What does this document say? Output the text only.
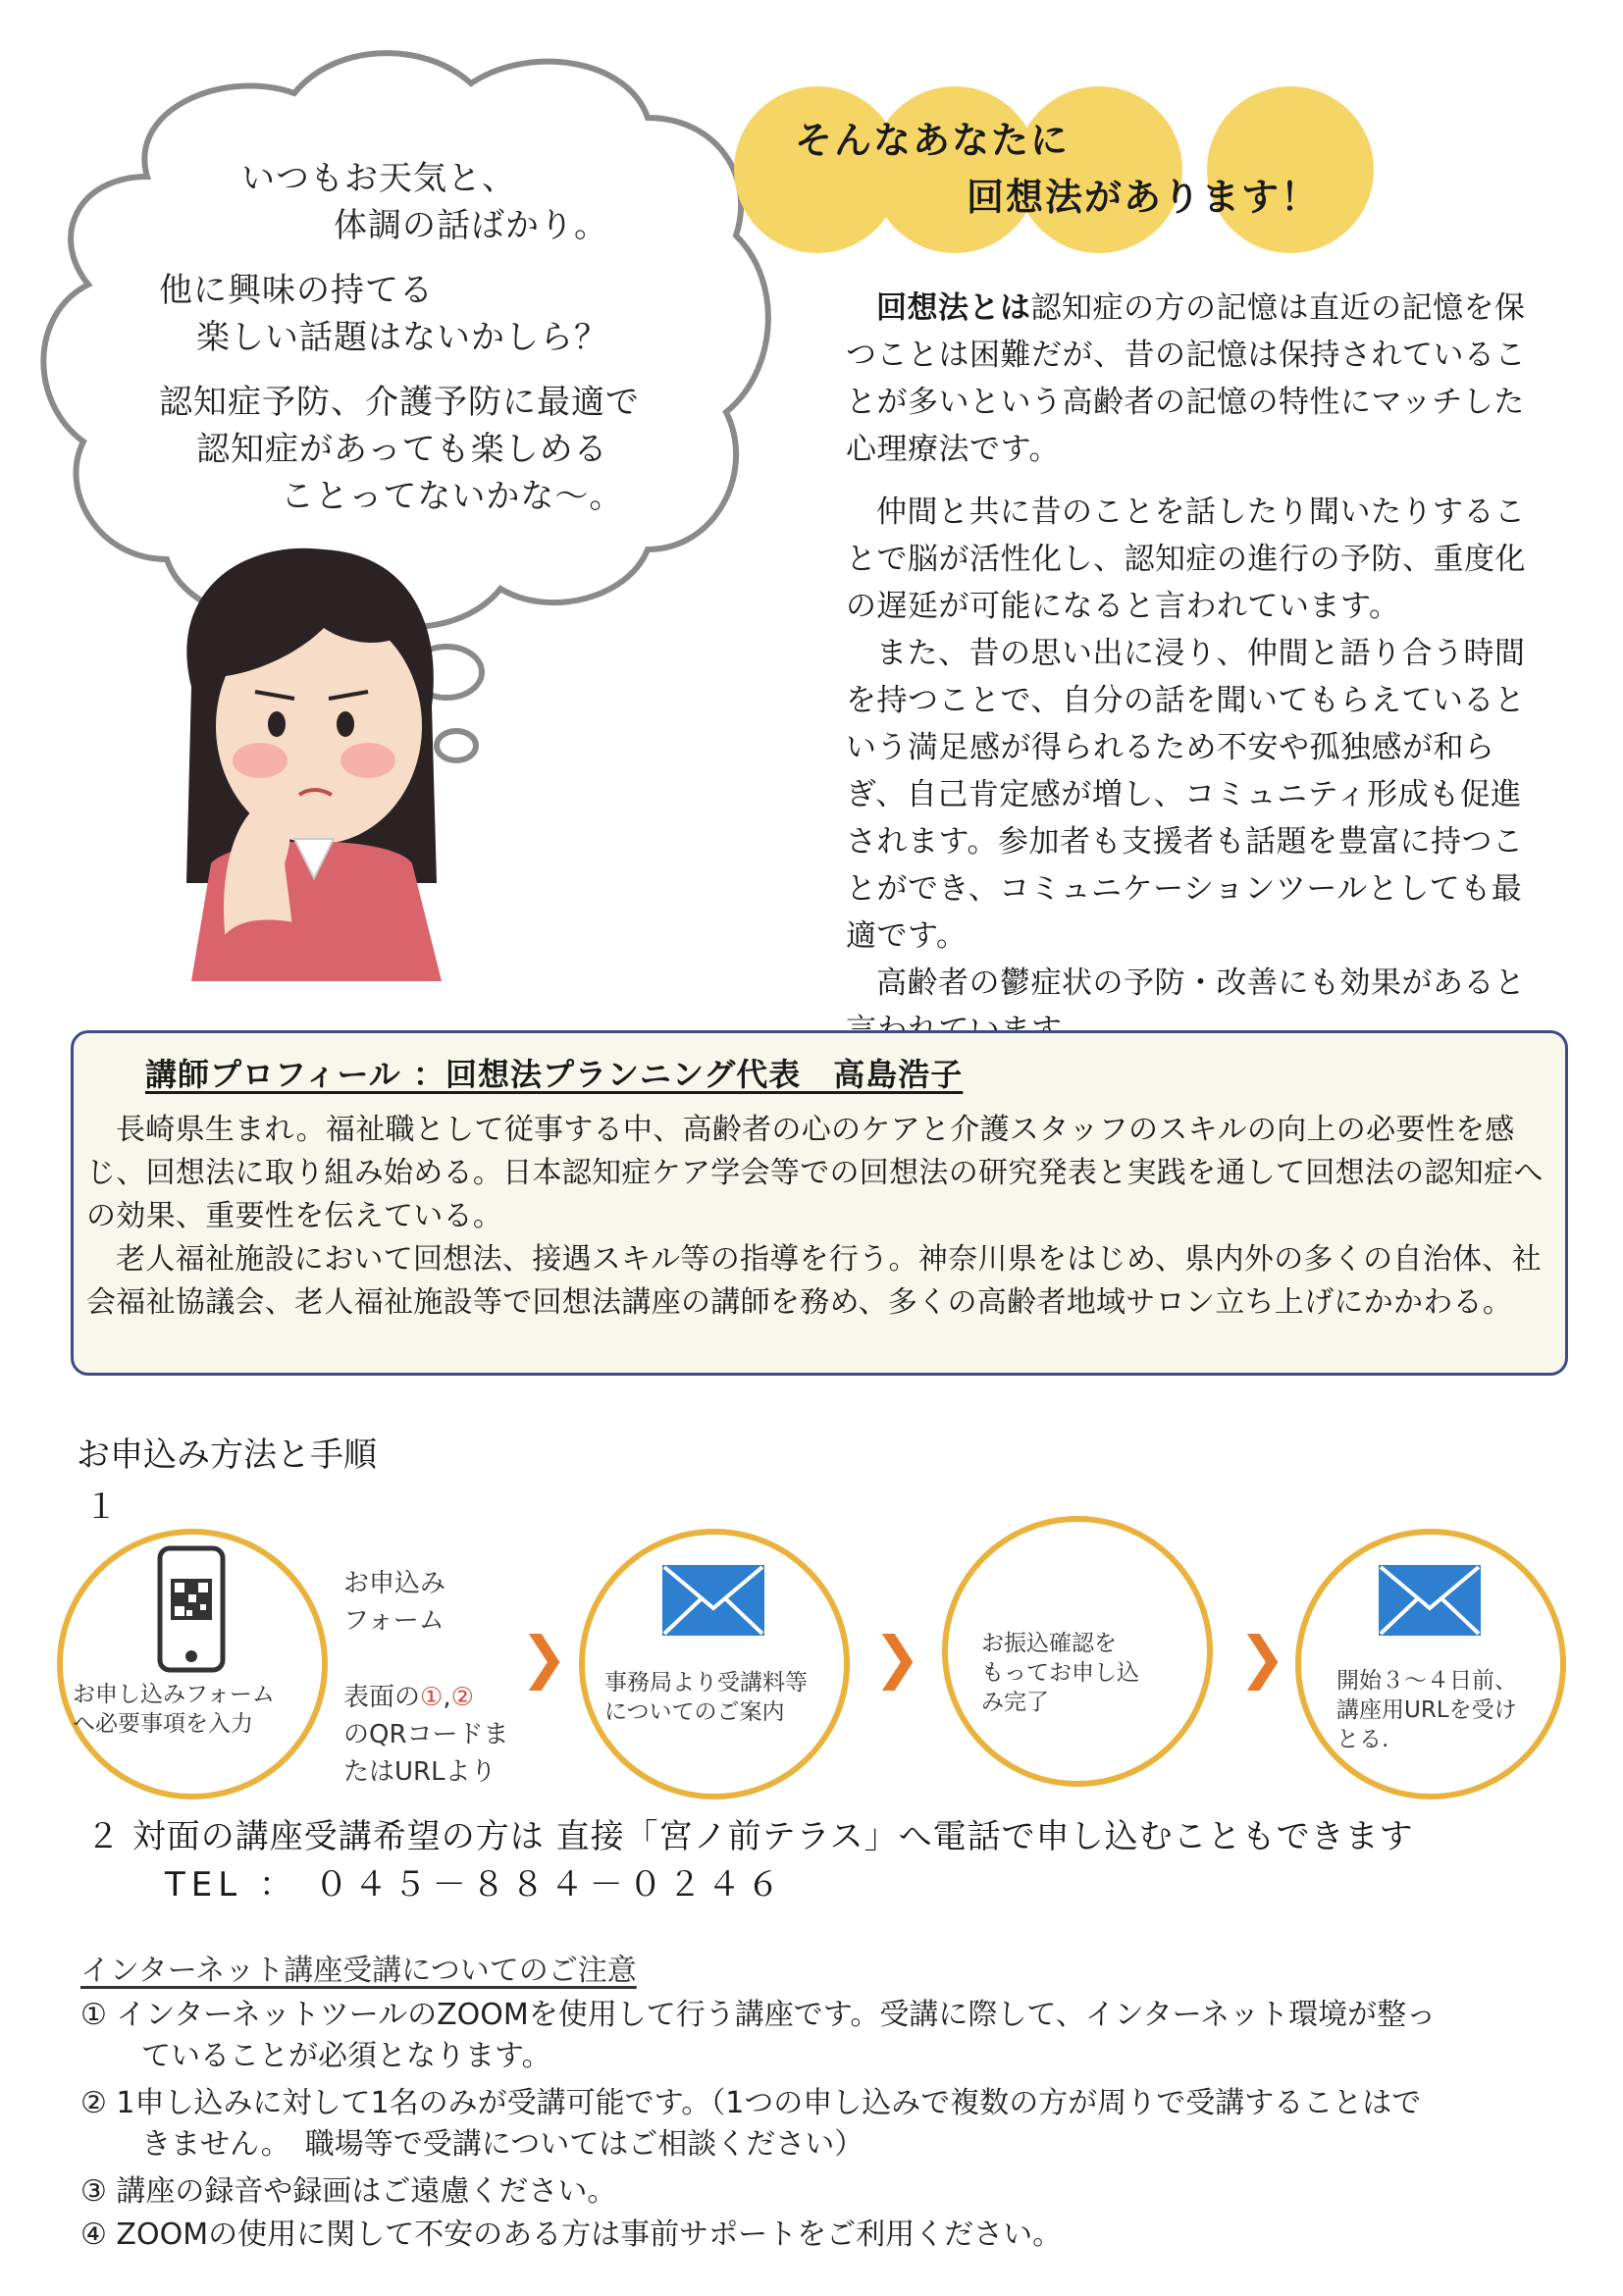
いつもお天気と、
体調の話ばかり。
他に興味の持てる
楽しい話題はないかしら？
認知症予防、介護予防に最適で
認知症があっても楽しめる
ことってないかな〜。
そんなあなたに
回想法があります！

回想法とは認知症の方の記憶は直近の記憶を保つことは困難だが、昔の記憶は保持されていることが多いという高齢者の記憶の特性にマッチした心理療法です。

仲間と共に昔のことを話したり聞いたりすることで脳が活性化し、認知症の進行の予防、重度化の遅延が可能になると言われています。

また、昔の思い出に浸り、仲間と語り合う時間を持つことで、自分の話を聞いてもらえているという満足感が得られるため不安や孤独感が和らぎ、自己肯定感が増し、コミュニティ形成も促進されます。参加者も支援者も話題を豊富に持つことができ、コミュニケーションツールとしても最適です。

高齢者の鬱症状の予防・改善にも効果があると

講師プロフィール ：回想法プランニング代表　高島浩子

長崎県生まれ。福祉職として従事する中、高齢者の心のケアと介護スタッフのスキルの向上の必要性を感じ、回想法に取り組み始める。日本認知症ケア学会等での回想法の研究発表と実践を通して回想法の認知症への効果、重要性を伝えている。

老人福祉施設において回想法、接遇スキル等の指導を行う。神奈川県をはじめ、県内外の多くの自治体、社会福祉協議会、老人福祉施設等で回想法講座の講師を務め、多くの高齢者地域サロン立ち上げにかかわる。

お申込み方法と手順
１
お申し込みフォーム
へ必要事項を入力
お申込み
フォーム
表面の①,②
のQRコードま
たはURLより
❯ 事務局より受講料等
についてのご案内
❯	お振込確認を
もってお申し込
み完了
❯ 開始３～４日前、
講座用URLを受け
とる.
２ 対面の講座受講希望の方は 直接「宮ノ前テラス」へ電話で申し込むこともできます
TEL ： ０４５－８８４－０２４６
インターネット講座受講についてのご注意
① インターネットツールのZOOMを使用して行う講座です。受講に際して、インターネット環境が整っ
ていることが必須となります。
② 1申し込みに対して1名のみが受講可能です。（1つの申し込みで複数の方が周りで受講することはで
きません。　職場等で受講についてはご相談ください）
③ 講座の録音や録画はご遠慮ください。
④ ZOOMの使用に関して不安のある方は事前サポートをご利用ください。
